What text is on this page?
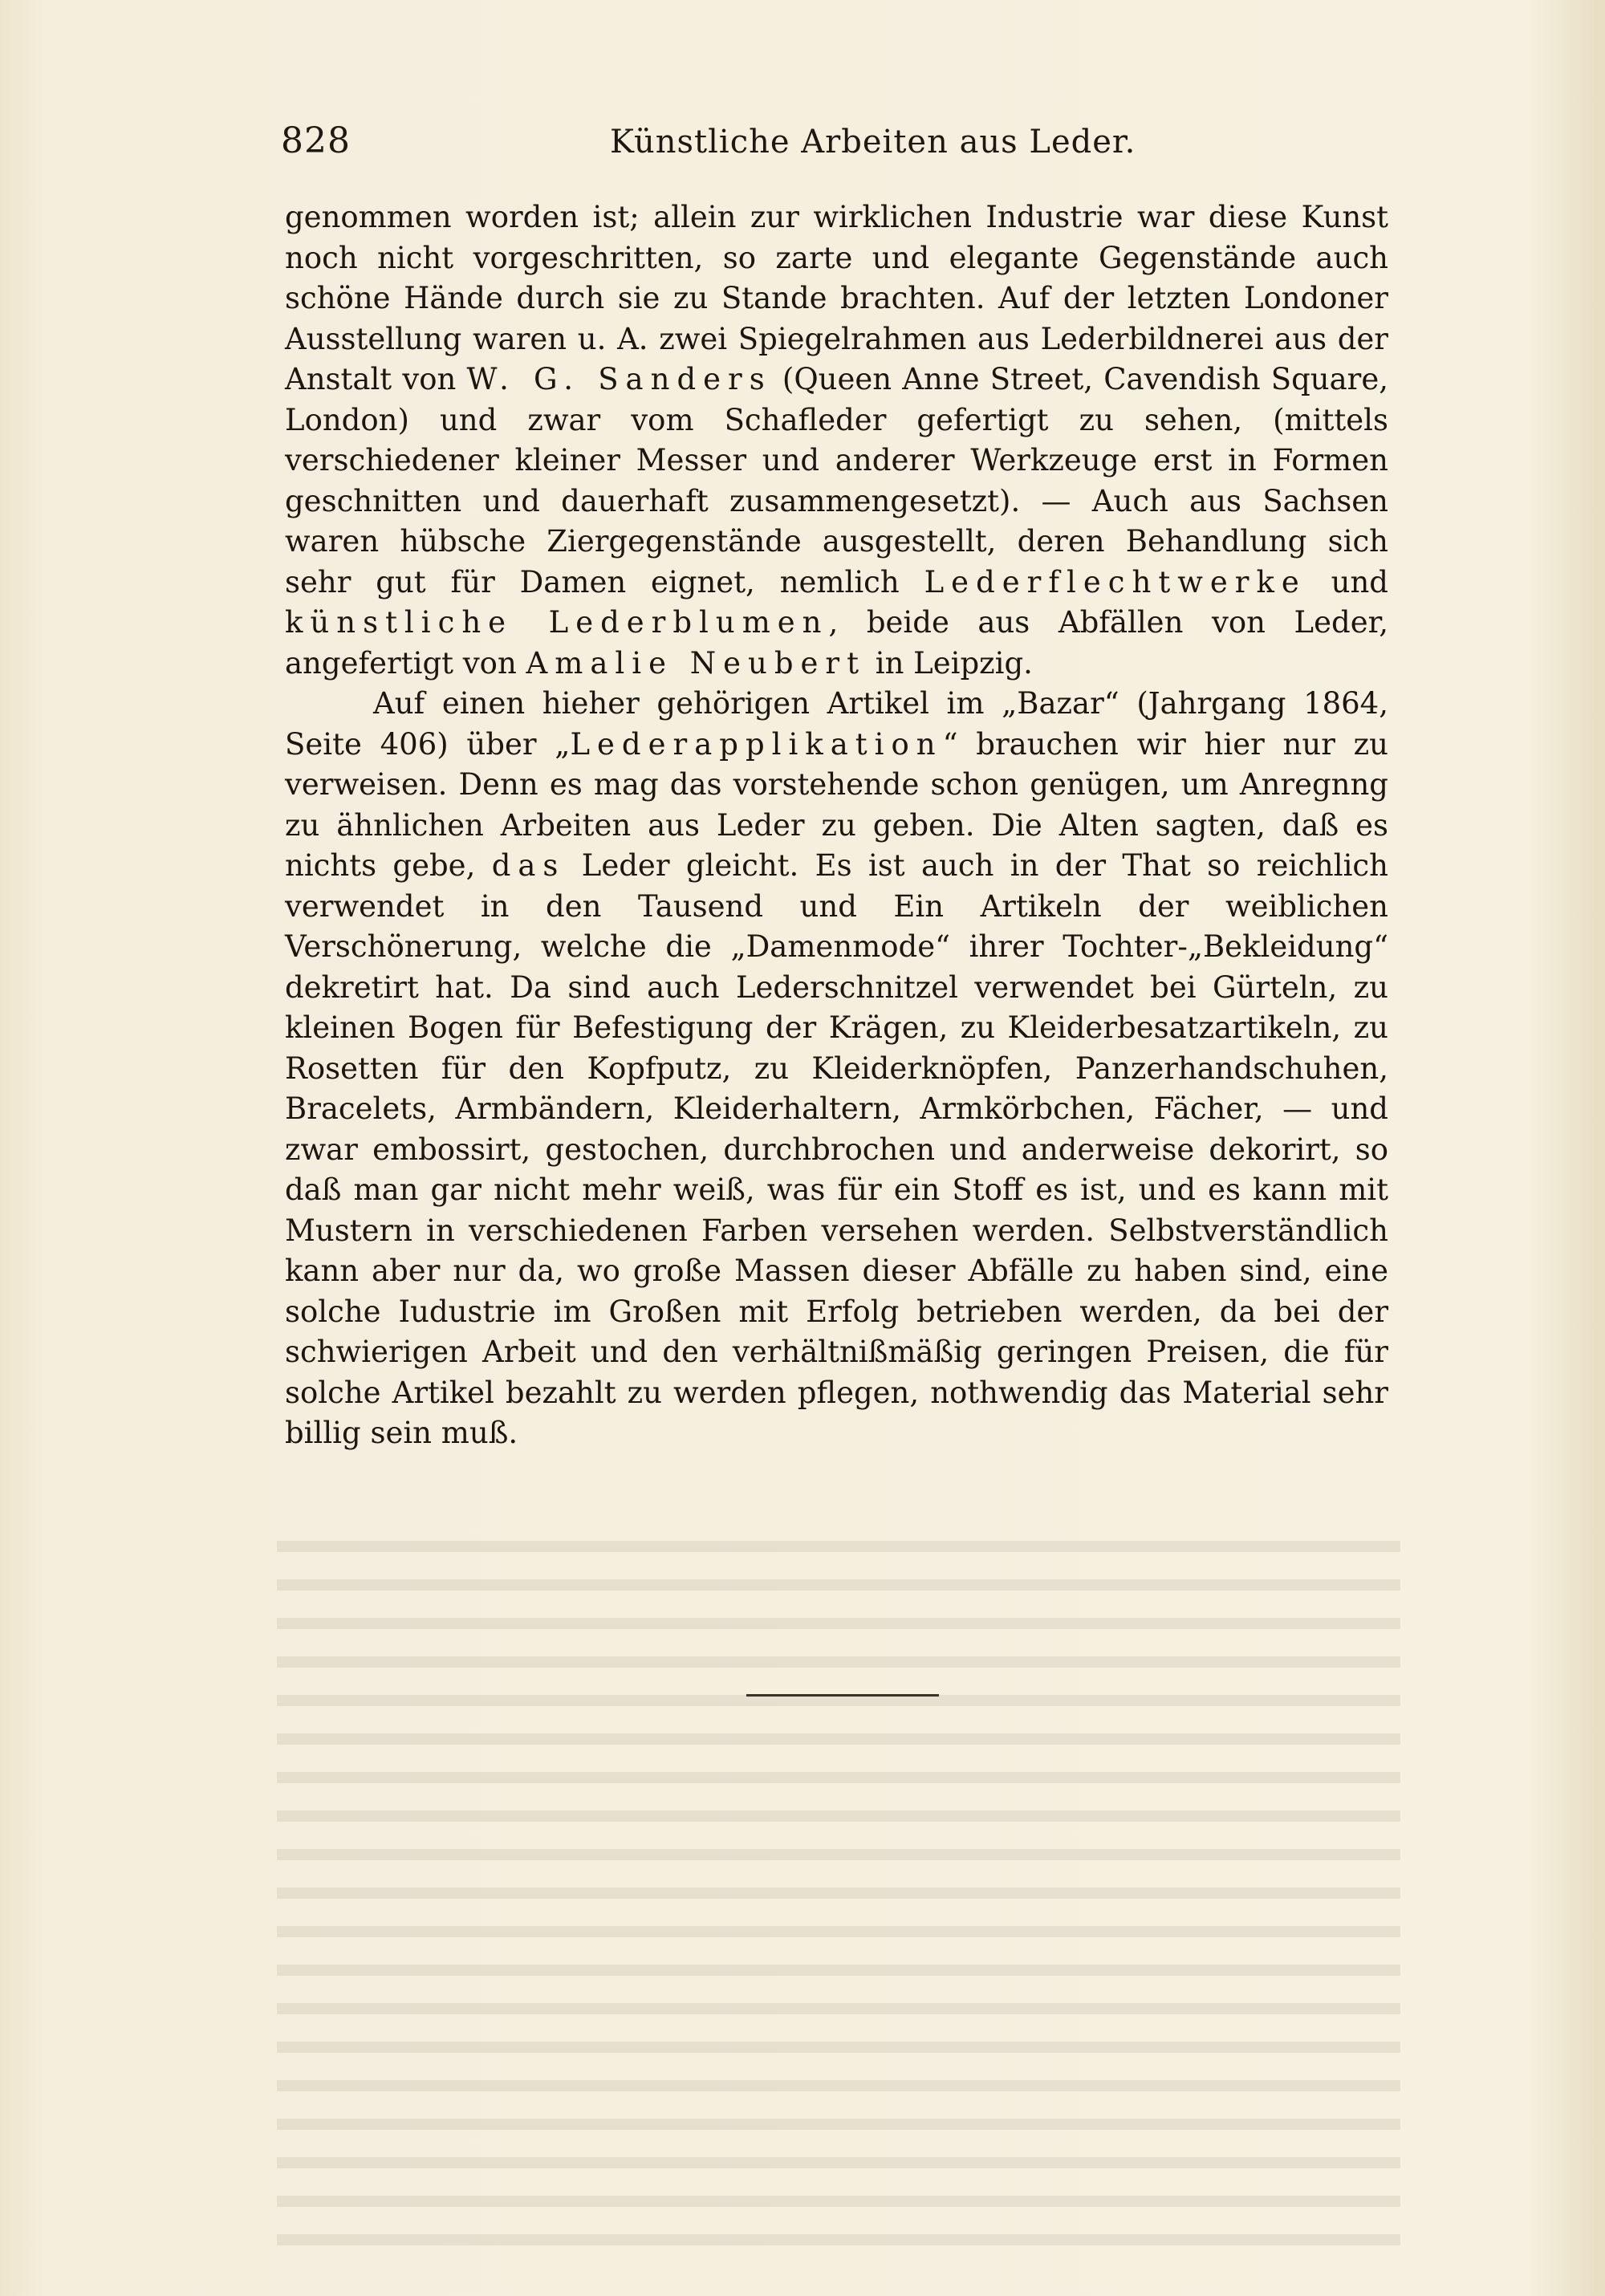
828	Künstliche Arbeiten aus Leder.

genommen worden ist; allein zur wirklichen Industrie war diese Kunst noch nicht vorgeschritten, so zarte und elegante Gegenstände auch schöne Hände durch sie zu Stande brachten. Auf der letzten Londoner Ausstellung waren u. A. zwei Spiegelrahmen aus Lederbildnerei aus der Anstalt von W. G. Sanders (Queen Anne Street, Cavendish Square, London) und zwar vom Schafleder gefertigt zu sehen, (mittels verschiedener kleiner Messer und anderer Werkzeuge erst in Formen geschnitten und dauerhaft zusammengesetzt). — Auch aus Sachsen waren hübsche Ziergegenstände ausgestellt, deren Behandlung sich sehr gut für Damen eignet, nemlich Lederflechtwerke und künstliche Lederblumen, beide aus Abfällen von Leder, angefertigt von Amalie Neubert in Leipzig.

Auf einen hieher gehörigen Artikel im „Bazar“ (Jahrgang 1864, Seite 406) über „Lederapplikation“ brauchen wir hier nur zu verweisen. Denn es mag das vorstehende schon genügen, um Anregnng zu ähnlichen Arbeiten aus Leder zu geben. Die Alten sagten, daß es nichts gebe, das Leder gleicht. Es ist auch in der That so reichlich verwendet in den Tausend und Ein Artikeln der weiblichen Verschönerung, welche die „Damenmode“ ihrer Tochter-„Bekleidung“ dekretirt hat. Da sind auch Lederschnitzel verwendet bei Gürteln, zu kleinen Bogen für Befestigung der Krägen, zu Kleiderbesatzartikeln, zu Rosetten für den Kopfputz, zu Kleiderknöpfen, Panzerhandschuhen, Bracelets, Armbändern, Kleiderhaltern, Armkörbchen, Fächer, — und zwar embossirt, gestochen, durchbrochen und anderweise dekorirt, so daß man gar nicht mehr weiß, was für ein Stoff es ist, und es kann mit Mustern in verschiedenen Farben versehen werden. Selbstverständlich kann aber nur da, wo große Massen dieser Abfälle zu haben sind, eine solche Iudustrie im Großen mit Erfolg betrieben werden, da bei der schwierigen Arbeit und den verhältnißmäßig geringen Preisen, die für solche Artikel bezahlt zu werden pflegen, nothwendig das Material sehr billig sein muß.
